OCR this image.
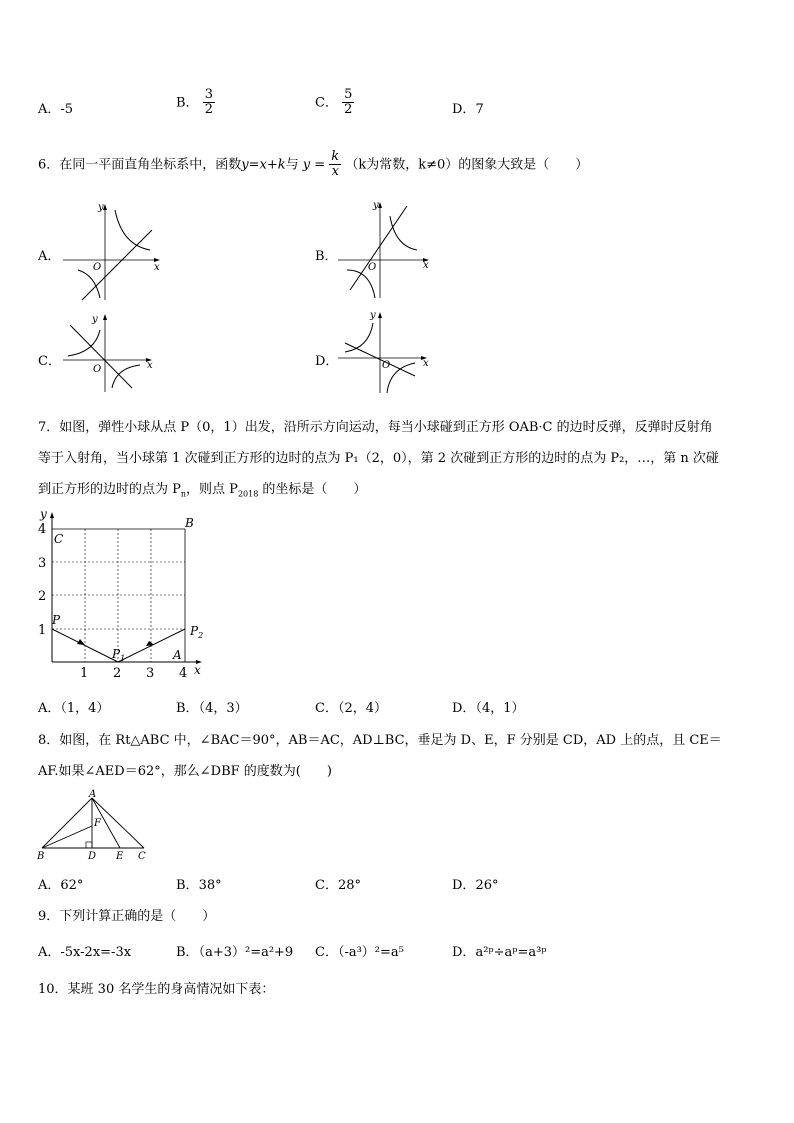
A．-5	B． $\frac{3}{2}$	C． $\frac{5}{2}$	D．7
6．在同一平面直角坐标系中，函数y=x+k与 $y = \frac{k}{x} (k$为常数，k≠0）的图象大致是（　　）
A．
y
x
O
B．
y
x
O
C．
y
x
O
D．
y
x
O
7．如图，弹性小球从点 P（0，1）出发，沿所示方向运动，每当小球碰到正方形 OAB·C 的边时反弹，反弹时反射角
等于入射角，当小球第 1 次碰到正方形的边时的点为 P₁（2，0），第 2 次碰到正方形的边时的点为 P₂，…，第 n 次碰
到正方形的边时的点为 $P_n$，则点 $P_{2018}$ 的坐标是（　　）
y
x
4
3
2
1
1 2 3 4
C
B
P
$P_1$
$P_2$
A
A．（1，4）	B．（4，3）	C．（2，4）	D．（4，1）
8．如图，在 Rt△ABC 中，∠BAC＝90°，AB＝AC，AD⊥BC，垂足为 D、E，F 分别是 CD，AD 上的点，且 CE＝
AF.如果∠AED＝62°，那么∠DBF 的度数为(　　)
A
B	C
D E
F
A．62°	B．38°	C．28°	D．26°
9．下列计算正确的是（　　）
A．-5x-2x=-3x	B．（a+3）²=a²+9 C．（-a³）²=a⁵	D．a²ᵖ÷aᵖ=a³ᵖ
10．某班 30 名学生的身高情况如下表：
